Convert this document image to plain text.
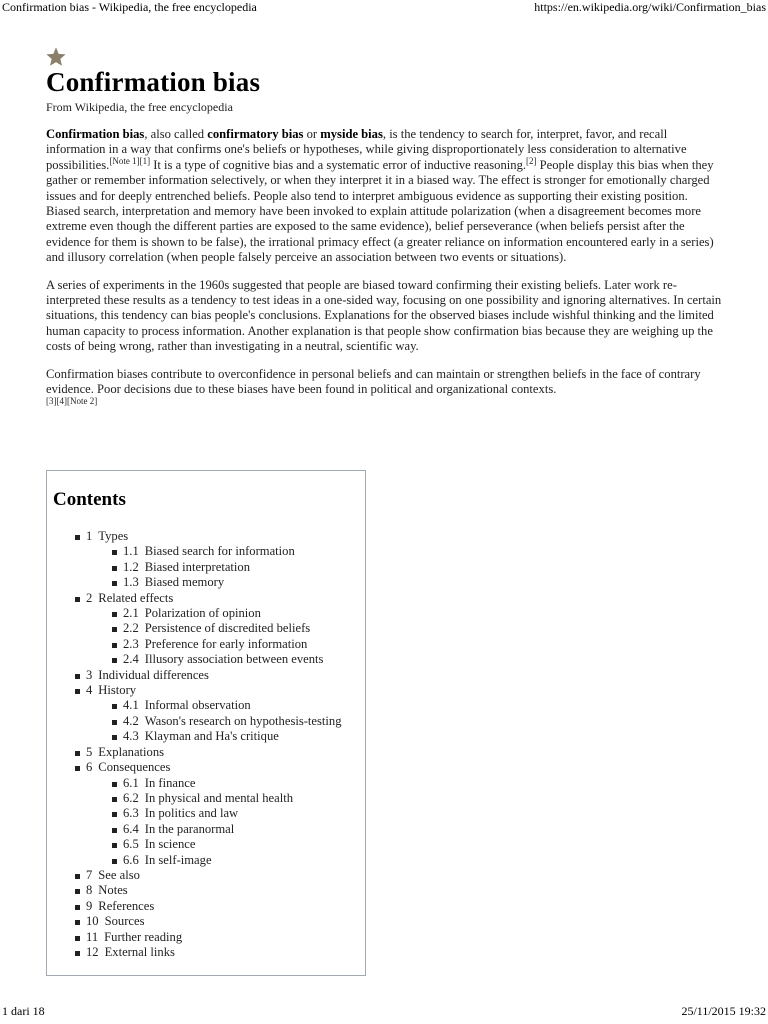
Confirmation bias - Wikipedia, the free encyclopedia	https://en.wikipedia.org/wiki/Confirmation_bias
Confirmation bias
From Wikipedia, the free encyclopedia

Confirmation bias, also called confirmatory bias or myside bias, is the tendency to search for, interpret, favor, and recall information in a way that confirms one's beliefs or hypotheses, while giving disproportionately less consideration to alternative possibilities.[Note 1][1] It is a type of cognitive bias and a systematic error of inductive reasoning.[2] People display this bias when they gather or remember information selectively, or when they interpret it in a biased way. The effect is stronger for emotionally charged issues and for deeply entrenched beliefs. People also tend to interpret ambiguous evidence as supporting their existing position. Biased search, interpretation and memory have been invoked to explain attitude polarization (when a disagreement becomes more extreme even though the different parties are exposed to the same evidence), belief perseverance (when beliefs persist after the evidence for them is shown to be false), the irrational primacy effect (a greater reliance on information encountered early in a series) and illusory correlation (when people falsely perceive an association between two events or situations).

A series of experiments in the 1960s suggested that people are biased toward confirming their existing beliefs. Later work re-interpreted these results as a tendency to test ideas in a one-sided way, focusing on one possibility and ignoring alternatives. In certain situations, this tendency can bias people's conclusions. Explanations for the observed biases include wishful thinking and the limited human capacity to process information. Another explanation is that people show confirmation bias because they are weighing up the costs of being wrong, rather than investigating in a neutral, scientific way.

Confirmation biases contribute to overconfidence in personal beliefs and can maintain or strengthen beliefs in the face of contrary evidence. Poor decisions due to these biases have been found in political and organizational contexts.
[3][4][Note 2]

Contents
1 Types
1.1 Biased search for information
1.2 Biased interpretation
1.3 Biased memory
2 Related effects
2.1 Polarization of opinion
2.2 Persistence of discredited beliefs
2.3 Preference for early information
2.4 Illusory association between events
3 Individual differences
4 History
4.1 Informal observation
4.2 Wason's research on hypothesis-testing
4.3 Klayman and Ha's critique
5 Explanations
6 Consequences
6.1 In finance
6.2 In physical and mental health
6.3 In politics and law
6.4 In the paranormal
6.5 In science
6.6 In self-image
7 See also
8 Notes
9 References
10 Sources
11 Further reading
12 External links
1 dari 18	25/11/2015 19:32
